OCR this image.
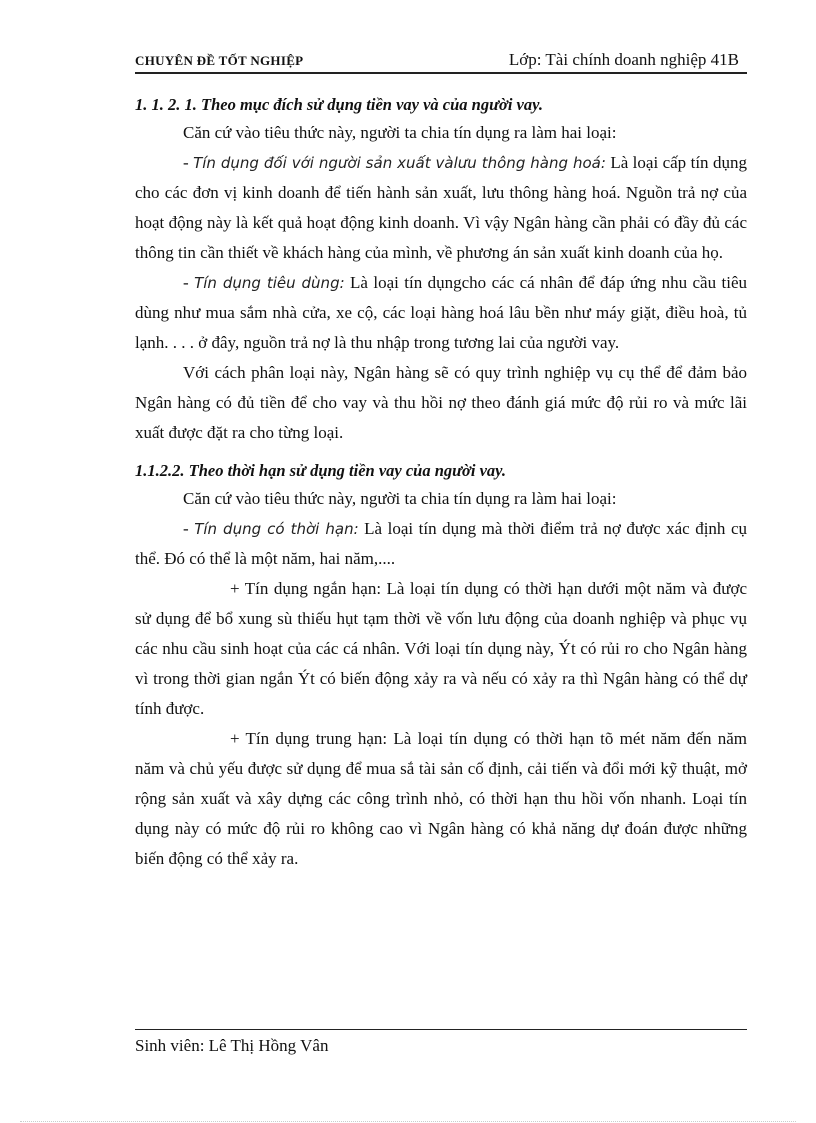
CHUYÊN ĐỀ TỐT NGHIỆP	Lớp: Tài chính doanh nghiệp 41B

1. 1. 2. 1. Theo mục đích sử dụng tiền vay và của người vay.

Căn cứ vào tiêu thức này, người ta chia tín dụng ra làm hai loại:

- Tín dụng đối với người sản xuất vàlưu thông hàng hoá: Là loại cấp tín dụng cho các đơn vị kinh doanh để tiến hành sản xuất, lưu thông hàng hoá. Nguồn trả nợ của hoạt động này là kết quả hoạt động kinh doanh. Vì vậy Ngân hàng cần phải có đầy đủ các thông tin cần thiết về khách hàng của mình, về phương án sản xuất kinh doanh của họ.

- Tín dụng tiêu dùng: Là loại tín dụngcho các cá nhân để đáp ứng nhu cầu tiêu dùng như mua sắm nhà cửa, xe cộ, các loại hàng hoá lâu bền như máy giặt, điều hoà, tủ lạnh. . . . ở đây, nguồn trả nợ là thu nhập trong tương lai của người vay.

Với cách phân loại này, Ngân hàng sẽ có quy trình nghiệp vụ cụ thể để đảm bảo Ngân hàng có đủ tiền để cho vay và thu hồi nợ theo đánh giá mức độ rủi ro và mức lãi xuất được đặt ra cho từng loại.

1.1.2.2. Theo thời hạn sử dụng tiền vay của người vay.

Căn cứ vào tiêu thức này, người ta chia tín dụng ra làm hai loại:

- Tín dụng có thời hạn: Là loại tín dụng mà thời điểm trả nợ được xác định cụ thể. Đó có thể là một năm, hai năm,....

+ Tín dụng ngắn hạn: Là loại tín dụng có thời hạn dưới một năm và được sử dụng để bổ xung sù thiếu hụt tạm thời về vốn lưu động của doanh nghiệp và phục vụ các nhu cầu sinh hoạt của các cá nhân. Với loại tín dụng này, Ýt có rủi ro cho Ngân hàng vì trong thời gian ngắn Ýt có biến động xảy ra và nếu có xảy ra thì Ngân hàng có thể dự tính được.

+ Tín dụng trung hạn: Là loại tín dụng có thời hạn tõ mét năm đến năm năm và chủ yếu được sử dụng để mua sắ tài sản cố định, cải tiến và đổi mới kỹ thuật, mở rộng sản xuất và xây dựng các công trình nhỏ, có thời hạn thu hồi vốn nhanh. Loại tín dụng này có mức độ rủi ro không cao vì Ngân hàng có khả năng dự đoán được những biến động có thể xảy ra.

Sinh viên: Lê Thị Hồng Vân
